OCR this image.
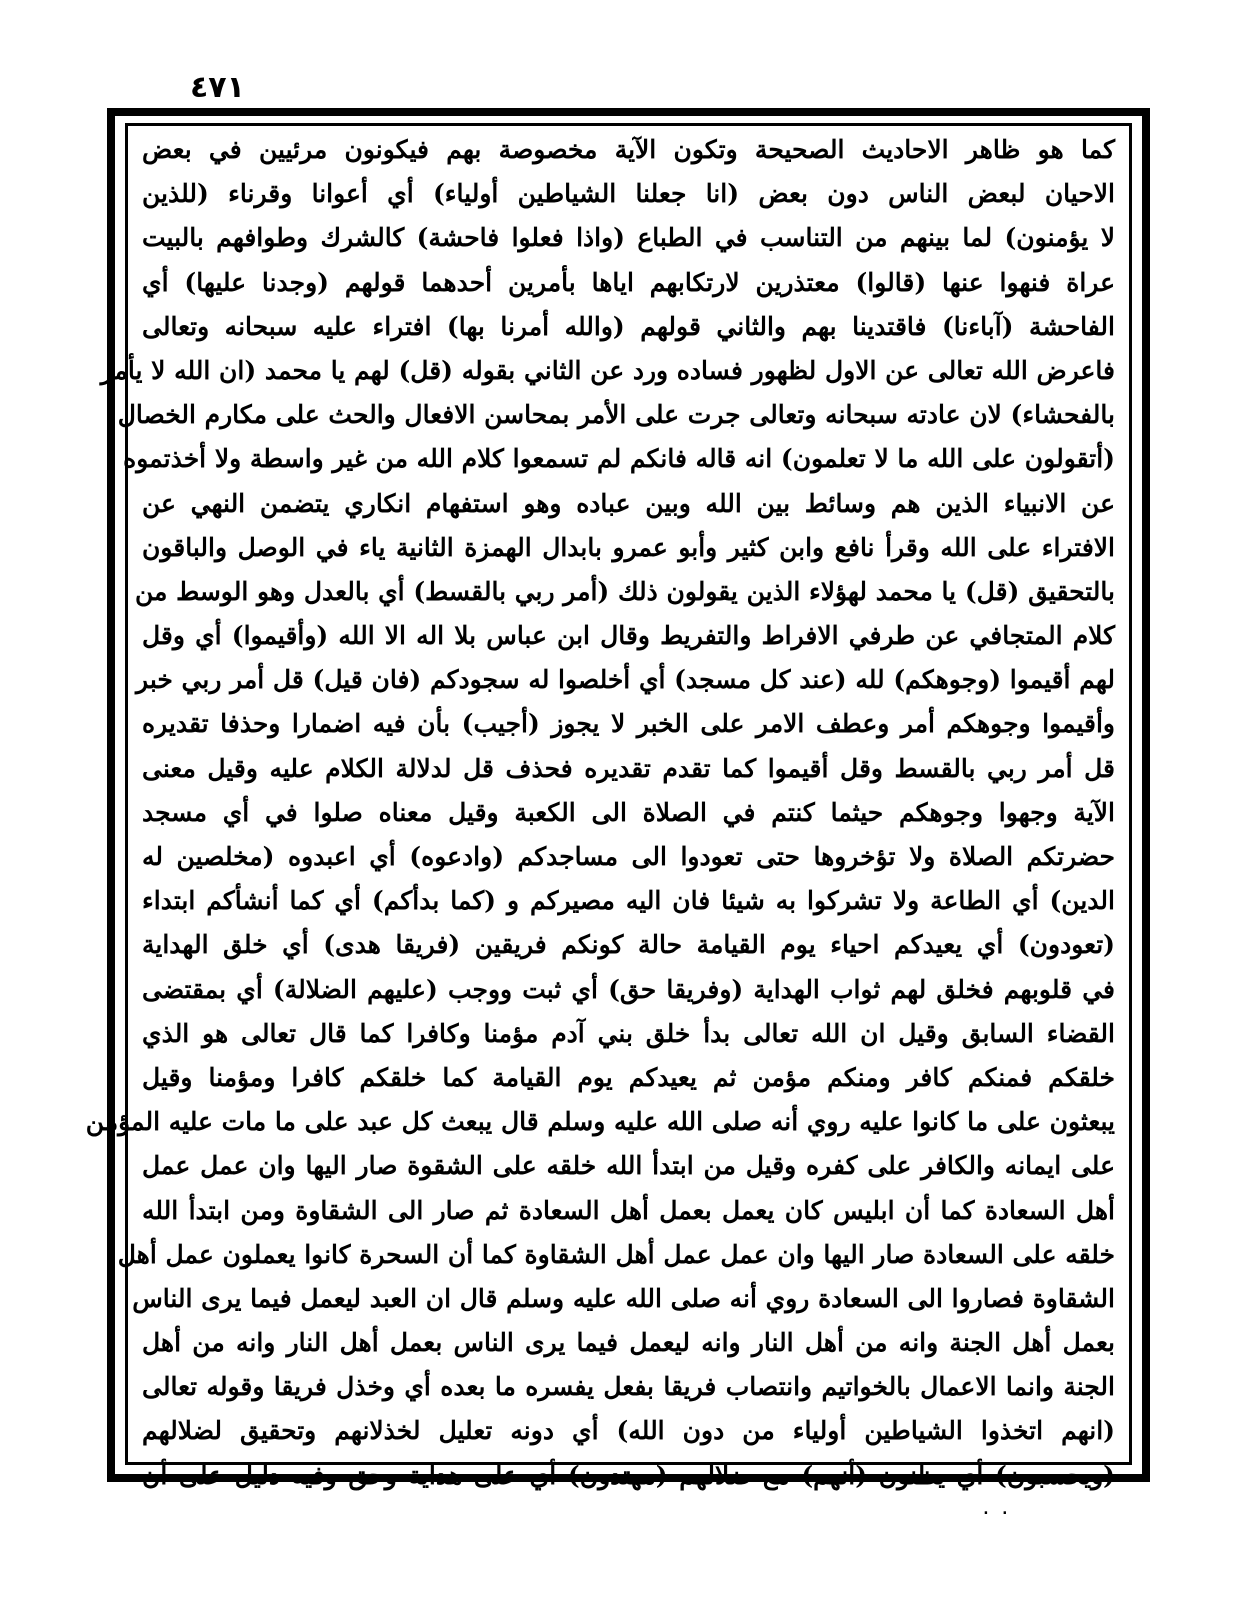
٤٧١
كما هو ظاهر الاحاديث الصحيحة وتكون الآية مخصوصة بهم فيكونون مرئيين في بعض
الاحيان لبعض الناس دون بعض (انا جعلنا الشياطين أولياء) أي أعوانا وقرناء (للذين
لا يؤمنون) لما بينهم من التناسب في الطباع (واذا فعلوا فاحشة) كالشرك وطوافهم بالبيت
عراة فنهوا عنها (قالوا) معتذرين لارتكابهم اياها بأمرين أحدهما قولهم (وجدنا عليها) أي
الفاحشة (آباءنا) فاقتدينا بهم والثاني قولهم (والله أمرنا بها) افتراء عليه سبحانه وتعالى
فاعرض الله تعالى عن الاول لظهور فساده ورد عن الثاني بقوله (قل) لهم يا محمد (ان الله لا يأمر
بالفحشاء) لان عادته سبحانه وتعالى جرت على الأمر بمحاسن الافعال والحث على مكارم الخصال
(أتقولون على الله ما لا تعلمون) انه قاله فانكم لم تسمعوا كلام الله من غير واسطة ولا أخذتموه
عن الانبياء الذين هم وسائط بين الله وبين عباده وهو استفهام انكاري يتضمن النهي عن
الافتراء على الله وقرأ نافع وابن كثير وأبو عمرو بابدال الهمزة الثانية ياء في الوصل والباقون
بالتحقيق (قل) يا محمد لهؤلاء الذين يقولون ذلك (أمر ربي بالقسط) أي بالعدل وهو الوسط من
كلام المتجافي عن طرفي الافراط والتفريط وقال ابن عباس بلا اله الا الله (وأقيموا) أي وقل
لهم أقيموا (وجوهكم) لله (عند كل مسجد) أي أخلصوا له سجودكم (فان قيل) قل أمر ربي خبر
وأقيموا وجوهكم أمر وعطف الامر على الخبر لا يجوز (أجيب) بأن فيه اضمارا وحذفا تقديره
قل أمر ربي بالقسط وقل أقيموا كما تقدم تقديره فحذف قل لدلالة الكلام عليه وقيل معنى
الآية وجهوا وجوهكم حيثما كنتم في الصلاة الى الكعبة وقيل معناه صلوا في أي مسجد
حضرتكم الصلاة ولا تؤخروها حتى تعودوا الى مساجدكم (وادعوه) أي اعبدوه (مخلصين له
الدين) أي الطاعة ولا تشركوا به شيئا فان اليه مصيركم و (كما بدأكم) أي كما أنشأكم ابتداء
(تعودون) أي يعيدكم احياء يوم القيامة حالة كونكم فريقين (فريقا هدى) أي خلق الهداية
في قلوبهم فخلق لهم ثواب الهداية (وفريقا حق) أي ثبت ووجب (عليهم الضلالة) أي بمقتضى
القضاء السابق وقيل ان الله تعالى بدأ خلق بني آدم مؤمنا وكافرا كما قال تعالى هو الذي
خلقكم فمنكم كافر ومنكم مؤمن ثم يعيدكم يوم القيامة كما خلقكم كافرا ومؤمنا وقيل
يبعثون على ما كانوا عليه روي أنه صلى الله عليه وسلم قال يبعث كل عبد على ما مات عليه المؤمن
على ايمانه والكافر على كفره وقيل من ابتدأ الله خلقه على الشقوة صار اليها وان عمل عمل
أهل السعادة كما أن ابليس كان يعمل بعمل أهل السعادة ثم صار الى الشقاوة ومن ابتدأ الله
خلقه على السعادة صار اليها وان عمل عمل أهل الشقاوة كما أن السحرة كانوا يعملون عمل أهل
الشقاوة فصاروا الى السعادة روي أنه صلى الله عليه وسلم قال ان العبد ليعمل فيما يرى الناس
بعمل أهل الجنة وانه من أهل النار وانه ليعمل فيما يرى الناس بعمل أهل النار وانه من أهل
الجنة وانما الاعمال بالخواتيم وانتصاب فريقا بفعل يفسره ما بعده أي وخذل فريقا وقوله تعالى
(انهم اتخذوا الشياطين أولياء من دون الله) أي دونه تعليل لخذلانهم وتحقيق لضلالهم
(ويحسبون) أي يظنون (أنهم) مع ضلالهم (مهتدون) أي على هداية وحق وفيه دليل على أن
٠ ٠
